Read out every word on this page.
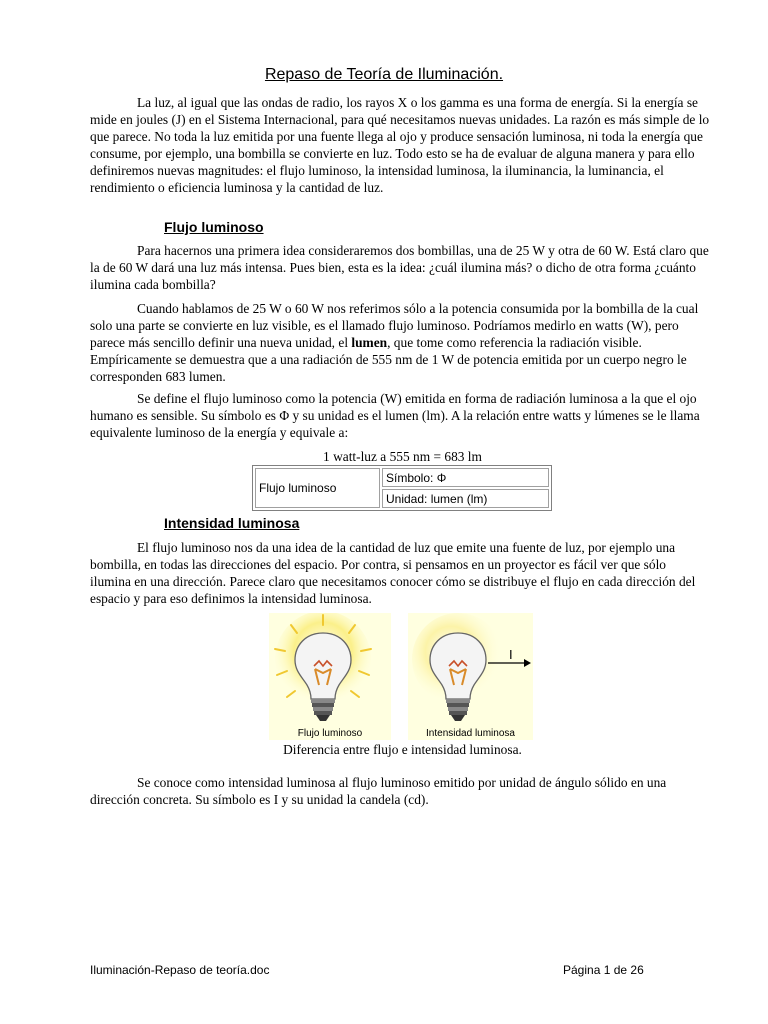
Repaso de Teoría de Iluminación.

La luz, al igual que las ondas de radio, los rayos X o los gamma es una forma de energía. Si la energía se mide en joules (J) en el Sistema Internacional, para qué necesitamos nuevas unidades. La razón es más simple de lo que parece. No toda la luz emitida por una fuente llega al ojo y produce sensación luminosa, ni toda la energía que consume, por ejemplo, una bombilla se convierte en luz. Todo esto se ha de evaluar de alguna manera y para ello definiremos nuevas magnitudes: el flujo luminoso, la intensidad luminosa, la iluminancia, la luminancia, el rendimiento o eficiencia luminosa y la cantidad de luz.

Flujo luminoso

Para hacernos una primera idea consideraremos dos bombillas, una de 25 W y otra de 60 W. Está claro que la de 60 W dará una luz más intensa. Pues bien, esta es la idea: ¿cuál ilumina más? o dicho de otra forma ¿cuánto ilumina cada bombilla?

Cuando hablamos de 25 W o 60 W nos referimos sólo a la potencia consumida por la bombilla de la cual solo una parte se convierte en luz visible, es el llamado flujo luminoso. Podríamos medirlo en watts (W), pero parece más sencillo definir una nueva unidad, el lumen, que tome como referencia la radiación visible. Empíricamente se demuestra que a una radiación de 555 nm de 1 W de potencia emitida por un cuerpo negro le corresponden 683 lumen.

Se define el flujo luminoso como la potencia (W) emitida en forma de radiación luminosa a la que el ojo humano es sensible. Su símbolo es Φ y su unidad es el lumen (lm). A la relación entre watts y lúmenes se le llama equivalente luminoso de la energía y equivale a:

1 watt-luz a 555 nm = 683 lm
Flujo luminoso	Símbolo: Φ
Unidad: lumen (lm)
Intensidad luminosa

El flujo luminoso nos da una idea de la cantidad de luz que emite una fuente de luz, por ejemplo una bombilla, en todas las direcciones del espacio. Por contra, si pensamos en un proyector es fácil ver que sólo ilumina en una dirección. Parece claro que necesitamos conocer cómo se distribuye el flujo en cada dirección del espacio y para eso definimos la intensidad luminosa.

Flujo luminoso
I
Intensidad luminosa
Diferencia entre flujo e intensidad luminosa.

Se conoce como intensidad luminosa al flujo luminoso emitido por unidad de ángulo sólido en una dirección concreta. Su símbolo es I y su unidad la candela (cd).

Iluminación-Repaso de teoría.doc	Página 1 de 26
